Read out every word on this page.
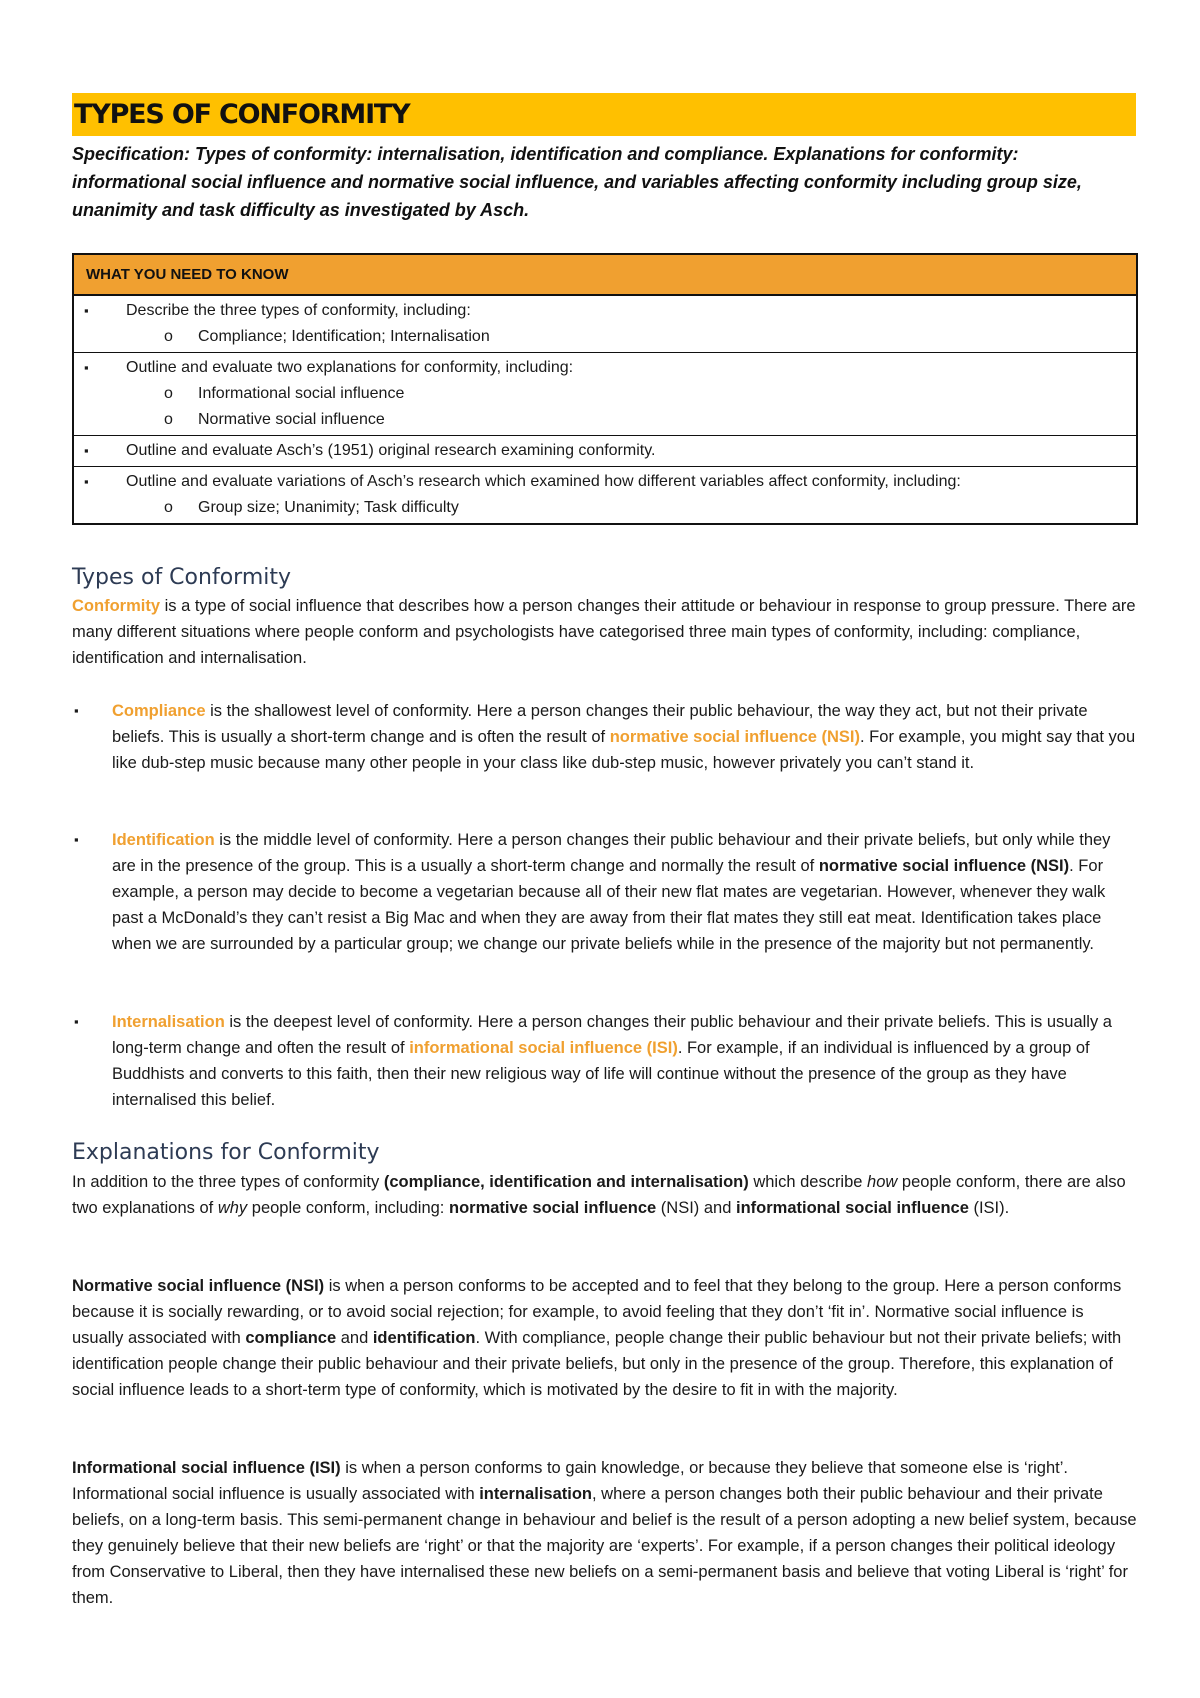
TYPES OF CONFORMITY
Specification: Types of conformity: internalisation, identification and compliance. Explanations for conformity: informational social influence and normative social influence, and variables affecting conformity including group size, unanimity and task difficulty as investigated by Asch.
WHAT YOU NEED TO KNOW
▪	Describe the three types of conformity, including:
o	Compliance; Identification; Internalisation
▪	Outline and evaluate two explanations for conformity, including:
o	Informational social influence
o	Normative social influence
▪	Outline and evaluate Asch’s (1951) original research examining conformity.
▪	Outline and evaluate variations of Asch’s research which examined how different variables affect conformity, including:
o	Group size; Unanimity; Task difficulty
Types of Conformity
Conformity is a type of social influence that describes how a person changes their attitude or behaviour in response to group pressure. There are many different situations where people conform and psychologists have categorised three main types of conformity, including: compliance, identification and internalisation.
▪	Compliance is the shallowest level of conformity. Here a person changes their public behaviour, the way they act, but not their private beliefs. This is usually a short-term change and is often the result of normative social influence (NSI). For example, you might say that you like dub-step music because many other people in your class like dub-step music, however privately you can’t stand it.
▪	Identification is the middle level of conformity. Here a person changes their public behaviour and their private beliefs, but only while they are in the presence of the group. This is a usually a short-term change and normally the result of normative social influence (NSI). For example, a person may decide to become a vegetarian because all of their new flat mates are vegetarian. However, whenever they walk past a McDonald’s they can’t resist a Big Mac and when they are away from their flat mates they still eat meat. Identification takes place when we are surrounded by a particular group; we change our private beliefs while in the presence of the majority but not permanently.
▪	Internalisation is the deepest level of conformity. Here a person changes their public behaviour and their private beliefs. This is usually a long-term change and often the result of informational social influence (ISI). For example, if an individual is influenced by a group of Buddhists and converts to this faith, then their new religious way of life will continue without the presence of the group as they have internalised this belief.
Explanations for Conformity
In addition to the three types of conformity (compliance, identification and internalisation) which describe how people conform, there are also two explanations of why people conform, including: normative social influence (NSI) and informational social influence (ISI).
Normative social influence (NSI) is when a person conforms to be accepted and to feel that they belong to the group. Here a person conforms because it is socially rewarding, or to avoid social rejection; for example, to avoid feeling that they don’t ‘fit in’. Normative social influence is usually associated with compliance and identification. With compliance, people change their public behaviour but not their private beliefs; with identification people change their public behaviour and their private beliefs, but only in the presence of the group. Therefore, this explanation of social influence leads to a short-term type of conformity, which is motivated by the desire to fit in with the majority.
Informational social influence (ISI) is when a person conforms to gain knowledge, or because they believe that someone else is ‘right’. Informational social influence is usually associated with internalisation, where a person changes both their public behaviour and their private beliefs, on a long-term basis. This semi-permanent change in behaviour and belief is the result of a person adopting a new belief system, because they genuinely believe that their new beliefs are ‘right’ or that the majority are ‘experts’. For example, if a person changes their political ideology from Conservative to Liberal, then they have internalised these new beliefs on a semi-permanent basis and believe that voting Liberal is ‘right’ for them.
